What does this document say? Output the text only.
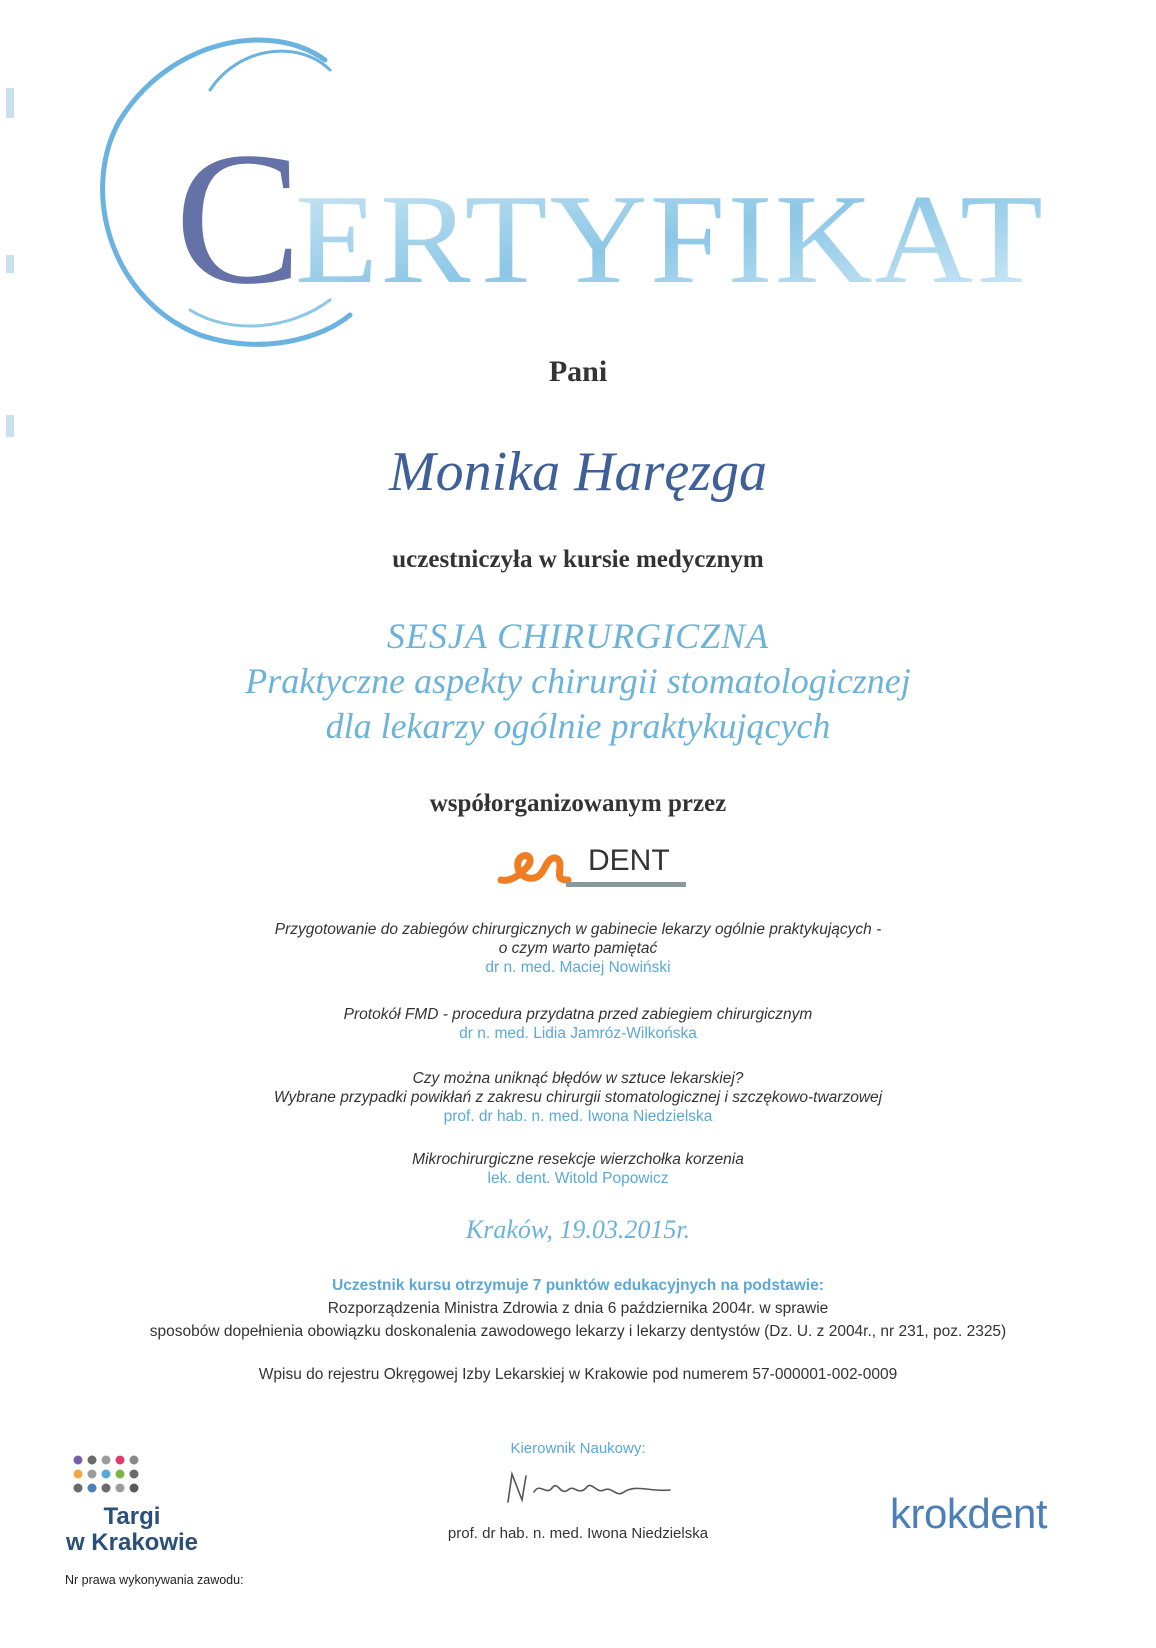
C
ERTYFIKAT
Pani
Monika Haręzga
uczestniczyła w kursie medycznym
SESJA CHIRURGICZNA
Praktyczne aspekty chirurgii stomatologicznej
dla lekarzy ogólnie praktykujących
współorganizowanym przez
DENT
Przygotowanie do zabiegów chirurgicznych w gabinecie lekarzy ogólnie praktykujących -
o czym warto pamiętać
dr n. med. Maciej Nowiński
Protokół FMD - procedura przydatna przed zabiegiem chirurgicznym
dr n. med. Lidia Jamróz-Wilkońska
Czy można uniknąć błędów w sztuce lekarskiej?
Wybrane przypadki powikłań z zakresu chirurgii stomatologicznej i szczękowo-twarzowej
prof. dr hab. n. med. Iwona Niedzielska
Mikrochirurgiczne resekcje wierzchołka korzenia
lek. dent. Witold Popowicz
Kraków, 19.03.2015r.
Uczestnik kursu otrzymuje 7 punktów edukacyjnych na podstawie:
Rozporządzenia Ministra Zdrowia z dnia 6 października 2004r. w sprawie
sposobów dopełnienia obowiązku doskonalenia zawodowego lekarzy i lekarzy dentystów (Dz. U. z 2004r., nr 231, poz. 2325)
Wpisu do rejestru Okręgowej Izby Lekarskiej w Krakowie pod numerem 57-000001-002-0009
Kierownik Naukowy:
prof. dr hab. n. med. Iwona Niedzielska
Targi
w Krakowie
Nr prawa wykonywania zawodu:
krokdent
